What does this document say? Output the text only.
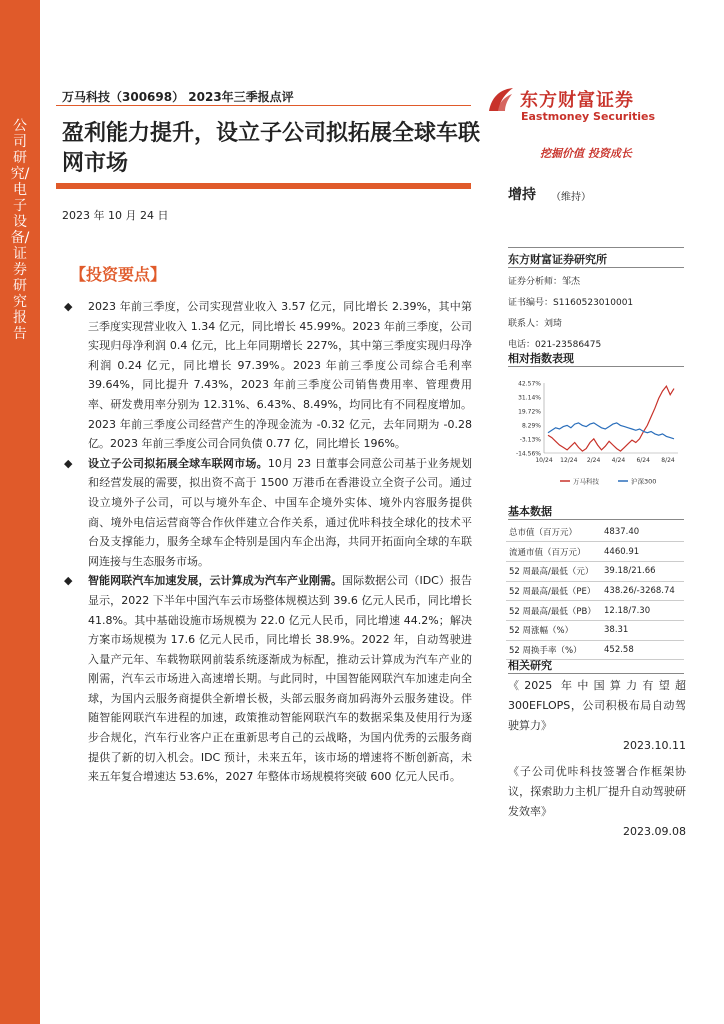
公司研究/电子设备/证券研究报告
万马科技（300698） 2023年三季报点评
盈利能力提升，设立子公司拟拓展全球车联网市场
2023 年 10 月 24 日
【投资要点】
◆ 2023 年前三季度，公司实现营业收入 3.57 亿元，同比增长 2.39%，其中第三季度实现营业收入 1.34 亿元，同比增长 45.99%。2023 年前三季度，公司实现归母净利润 0.4 亿元，比上年同期增长 227%，其中第三季度实现归母净利润 0.24 亿元，同比增长 97.39%。2023 年前三季度公司综合毛利率 39.64%，同比提升 7.43%，2023 年前三季度公司销售费用率、管理费用率、研发费用率分别为 12.31%、6.43%、8.49%，均同比有不同程度增加。2023 年前三季度公司经营产生的净现金流为 -0.32 亿元，去年同期为 -0.28 亿。2023 年前三季度公司合同负债 0.77 亿，同比增长 196%。
◆ 设立子公司拟拓展全球车联网市场。10月 23 日董事会同意公司基于业务规划和经营发展的需要，拟出资不高于 1500 万港币在香港设立全资子公司。通过设立境外子公司，可以与境外车企、中国车企境外实体、境外内容服务提供商、境外电信运营商等合作伙伴建立合作关系，通过优咔科技全球化的技术平台及支撑能力，服务全球车企特别是国内车企出海，共同开拓面向全球的车联网连接与生态服务市场。
◆ 智能网联汽车加速发展，云计算成为汽车产业刚需。国际数据公司（IDC）报告显示，2022 下半年中国汽车云市场整体规模达到 39.6 亿元人民币，同比增长 41.8%。其中基础设施市场规模为 22.0 亿元人民币，同比增速 44.2%；解决方案市场规模为 17.6 亿元人民币，同比增长 38.9%。2022 年，自动驾驶进入量产元年、车载物联网前装系统逐渐成为标配，推动云计算成为汽车产业的刚需，汽车云市场进入高速增长期。与此同时，中国智能网联汽车加速走向全球，为国内云服务商提供全新增长极，头部云服务商加码海外云服务建设。伴随智能网联汽车进程的加速，政策推动智能网联汽车的数据采集及使用行为逐步合规化，汽车行业客户正在重新思考自己的云战略，为国内优秀的云服务商提供了新的切入机会。IDC 预计，未来五年，该市场的增速将不断创新高，未来五年复合增速达 53.6%，2027 年整体市场规模将突破 600 亿元人民币。
东方财富证券
Eastmoney Securities
挖掘价值 投资成长
增持 （维持）
东方财富证券研究所
证券分析师：邹杰
证书编号：S1160523010001
联系人：刘琦
电话：021-23586475
相对指数表现
42.57%
31.14%
19.72%
8.29%
-3.13%
-14.56%
10/24 12/24 2/24 4/24 6/24 8/24
万马科技	沪深300
基本数据
总市值（百万元）	4837.40
流通市值（百万元）	4460.91
52 周最高/最低（元）	39.18/21.66
52 周最高/最低（PE）	438.26/-3268.74
52 周最高/最低（PB）	12.18/7.30
52 周涨幅（%）	38.31
52 周换手率（%）	452.58
相关研究
《2025 年中国算力有望超 300EFLOPS，公司积极布局自动驾驶算力》
2023.10.11
《子公司优咔科技签署合作框架协议，探索助力主机厂提升自动驾驶研发效率》
2023.09.08
